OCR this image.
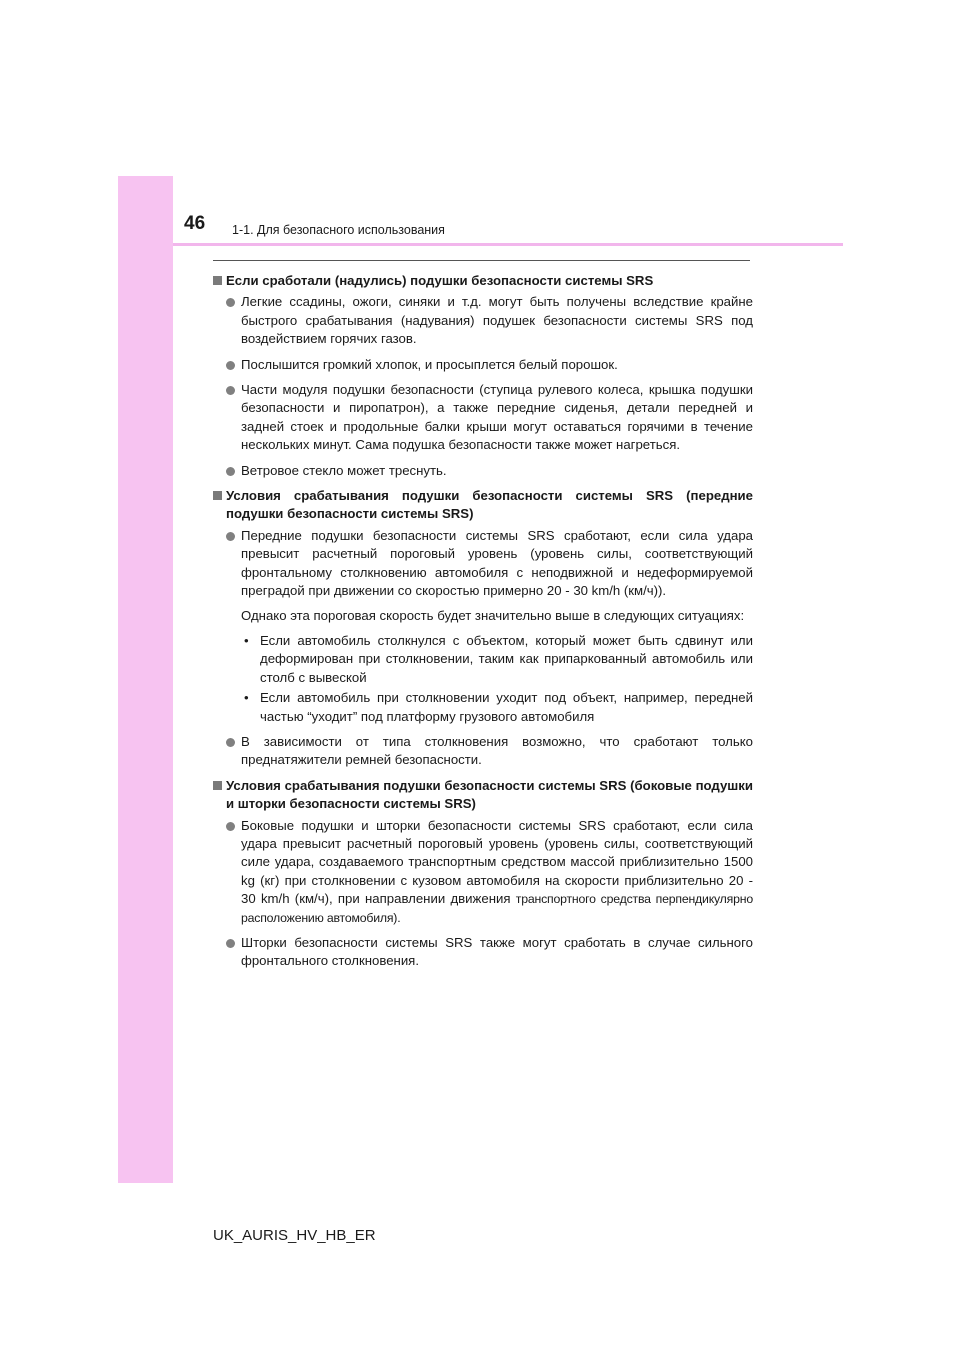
46 1-1. Для безопасного использования
Если сработали (надулись) подушки безопасности системы SRS
Легкие ссадины, ожоги, синяки и т.д. могут быть получены вследствие крайне быстрого срабатывания (надувания) подушек безопасности системы SRS под воздействием горячих газов.
Послышится громкий хлопок, и просыплется белый порошок.
Части модуля подушки безопасности (ступица рулевого колеса, крышка подушки безопасности и пиропатрон), а также передние сиденья, детали передней и задней стоек и продольные балки крыши могут оставаться горячими в течение нескольких минут. Сама подушка безопасности также может нагреться.
Ветровое стекло может треснуть.
Условия срабатывания подушки безопасности системы SRS (передние подушки безопасности системы SRS)
Передние подушки безопасности системы SRS сработают, если сила удара превысит расчетный пороговый уровень (уровень силы, соответствующий фронтальному столкновению автомобиля с неподвижной и недеформируемой преградой при движении со скоростью примерно 20 - 30 km/h (км/ч)).
Однако эта пороговая скорость будет значительно выше в следующих ситуациях:
• Если автомобиль столкнулся с объектом, который может быть сдвинут или деформирован при столкновении, таким как припаркованный автомобиль или столб с вывеской
• Если автомобиль при столкновении уходит под объект, например, передней частью “уходит” под платформу грузового автомобиля
В зависимости от типа столкновения возможно, что сработают только преднатяжители ремней безопасности.
Условия срабатывания подушки безопасности системы SRS (боковые подушки и шторки безопасности системы SRS)
Боковые подушки и шторки безопасности системы SRS сработают, если сила удара превысит расчетный пороговый уровень (уровень силы, соответствующий силе удара, создаваемого транспортным средством массой приблизительно 1500 kg (кг) при столкновении с кузовом автомобиля на скорости приблизительно 20 - 30 km/h (км/ч), при направлении движения транспортного средства перпендикулярно расположению автомобиля).
Шторки безопасности системы SRS также могут сработать в случае сильного фронтального столкновения.
UK_AURIS_HV_HB_ER
